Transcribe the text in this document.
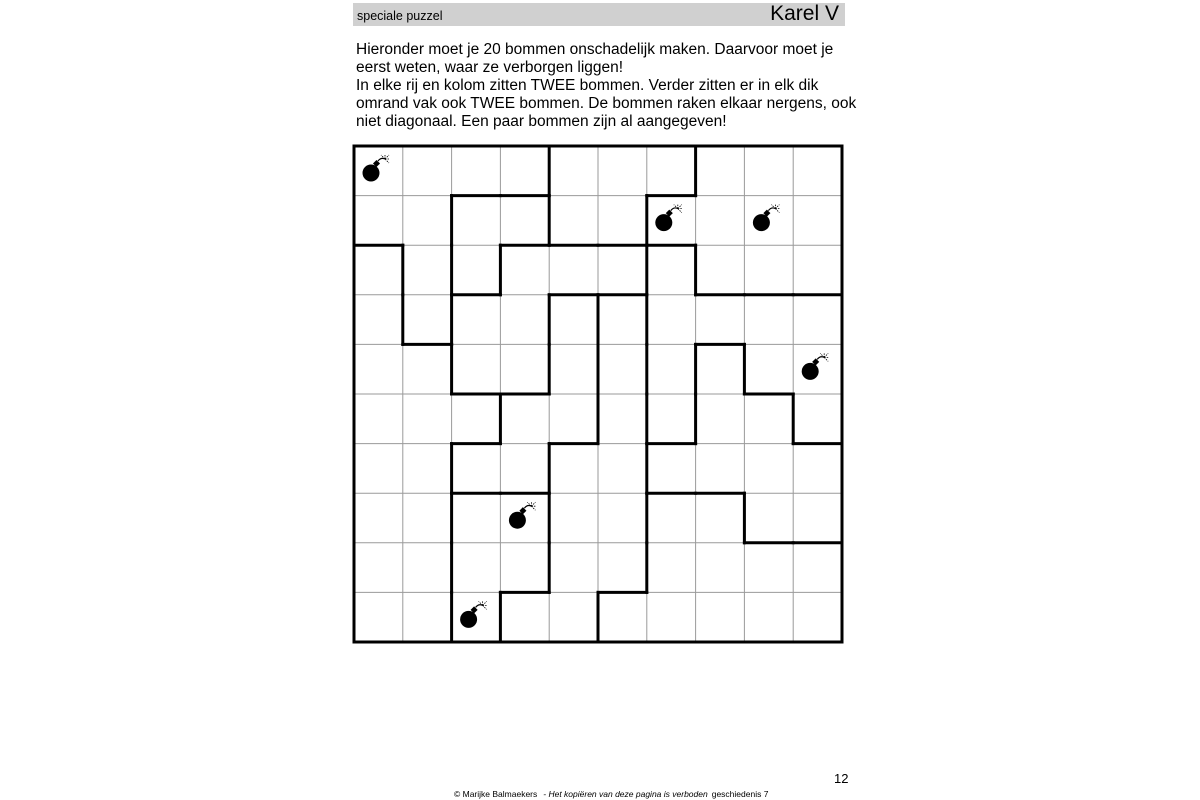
speciale puzzel	Karel V
Hieronder moet je 20 bommen onschadelijk maken. Daarvoor moet je
eerst weten, waar ze verborgen liggen!
In elke rij en kolom zitten TWEE bommen. Verder zitten er in elk dik
omrand vak ook TWEE bommen. De bommen raken elkaar nergens, ook
niet diagonaal. Een paar bommen zijn al aangegeven!
12
© Marijke Balmaekers - Het kopiëren van deze pagina is verboden geschiedenis 7
